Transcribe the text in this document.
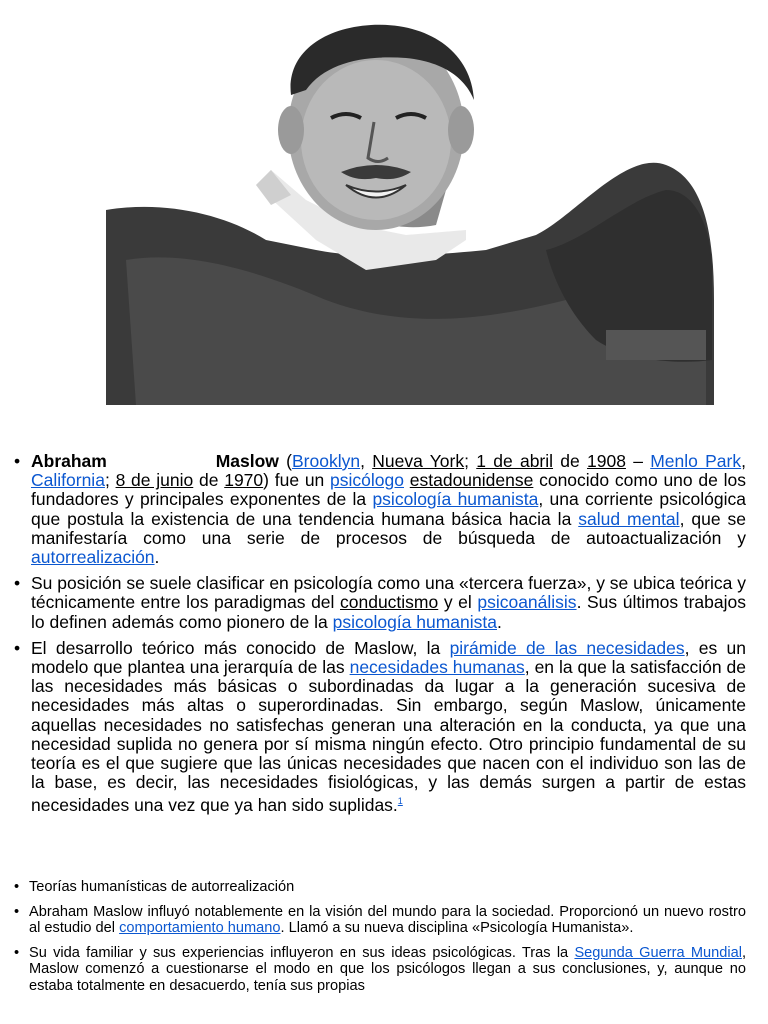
• Abraham	Maslow (Brooklyn, Nueva York; 1 de abril de 1908 – Menlo Park, California; 8 de junio de 1970) fue un psicólogo estadounidense conocido como uno de los fundadores y principales exponentes de la psicología humanista, una corriente psicológica que postula la existencia de una tendencia humana básica hacia la salud mental, que se manifestaría como una serie de procesos de búsqueda de autoactualización y autorrealización.
• Su posición se suele clasificar en psicología como una «tercera fuerza», y se ubica teórica y técnicamente entre los paradigmas del conductismo y el psicoanálisis. Sus últimos trabajos lo definen además como pionero de la psicología humanista.
• El desarrollo teórico más conocido de Maslow, la pirámide de las necesidades, es un modelo que plantea una jerarquía de las necesidades humanas, en la que la satisfacción de las necesidades más básicas o subordinadas da lugar a la generación sucesiva de necesidades más altas o superordinadas. Sin embargo, según Maslow, únicamente aquellas necesidades no satisfechas generan una alteración en la conducta, ya que una necesidad suplida no genera por sí misma ningún efecto. Otro principio fundamental de su teoría es el que sugiere que las únicas necesidades que nacen con el individuo son las de la base, es decir, las necesidades fisiológicas, y las demás surgen a partir de estas necesidades una vez que ya han sido suplidas.$^1$
• Teorías humanísticas de autorrealización
• Abraham Maslow influyó notablemente en la visión del mundo para la sociedad. Proporcionó un nuevo rostro al estudio del comportamiento humano. Llamó a su nueva disciplina «Psicología Humanista».
• Su vida familiar y sus experiencias influyeron en sus ideas psicológicas. Tras la Segunda Guerra Mundial, Maslow comenzó a cuestionarse el modo en que los psicólogos llegan a sus conclusiones, y, aunque no estaba totalmente en desacuerdo, tenía sus propias
